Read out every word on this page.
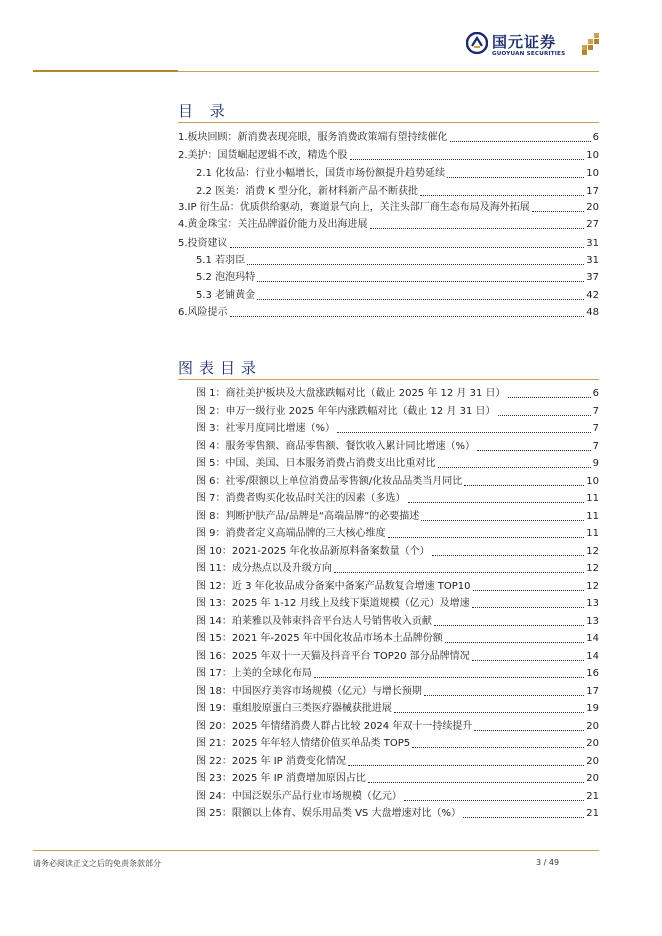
国元证券
GUOYUAN SECURITIES
目 录
1.板块回顾：新消费表现亮眼，服务消费政策端有望持续催化	6
2.美护：国货崛起逻辑不改，精选个股	10
2.1 化妆品：行业小幅增长，国货市场份额提升趋势延续	10
2.2 医美：消费 K 型分化，新材料新产品不断获批	17
3.IP 衍生品：优质供给驱动，赛道景气向上，关注头部厂商生态布局及海外拓展	20
4.黄金珠宝：关注品牌溢价能力及出海进展	27
5.投资建议	31
5.1 若羽臣	31
5.2 泡泡玛特	37
5.3 老铺黄金	42
6.风险提示	48
图表目录
图 1：商社美护板块及大盘涨跌幅对比（截止 2025 年 12 月 31 日）	6
图 2：申万一级行业 2025 年年内涨跌幅对比（截止 12 月 31 日）	7
图 3：社零月度同比增速（%）	7
图 4：服务零售额、商品零售额、餐饮收入累计同比增速（%）	7
图 5：中国、美国、日本服务消费占消费支出比重对比	9
图 6：社零/限额以上单位消费品零售额/化妆品品类当月同比	10
图 7：消费者购买化妆品时关注的因素（多选）	11
图 8：判断护肤产品/品牌是“高端品牌”的必要描述	11
图 9：消费者定义高端品牌的三大核心维度	11
图 10：2021-2025 年化妆品新原料备案数量（个）	12
图 11：成分热点以及升级方向	12
图 12：近 3 年化妆品成分备案中备案产品数复合增速 TOP10	12
图 13：2025 年 1-12 月线上及线下渠道规模（亿元）及增速	13
图 14：珀莱雅以及韩束抖音平台达人号销售收入贡献	13
图 15：2021 年-2025 年中国化妆品市场本土品牌份额	14
图 16：2025 年双十一天猫及抖音平台 TOP20 部分品牌情况	14
图 17：上美的全球化布局	16
图 18：中国医疗美容市场规模（亿元）与增长预期	17
图 19：重组胶原蛋白三类医疗器械获批进展	19
图 20：2025 年情绪消费人群占比较 2024 年双十一持续提升	20
图 21：2025 年年轻人情绪价值买单品类 TOP5	20
图 22：2025 年 IP 消费变化情况	20
图 23：2025 年 IP 消费增加原因占比	20
图 24：中国泛娱乐产品行业市场规模（亿元）	21
图 25：限额以上体育、娱乐用品类 VS 大盘增速对比（%）	21
请务必阅读正文之后的免责条款部分	3 / 49
